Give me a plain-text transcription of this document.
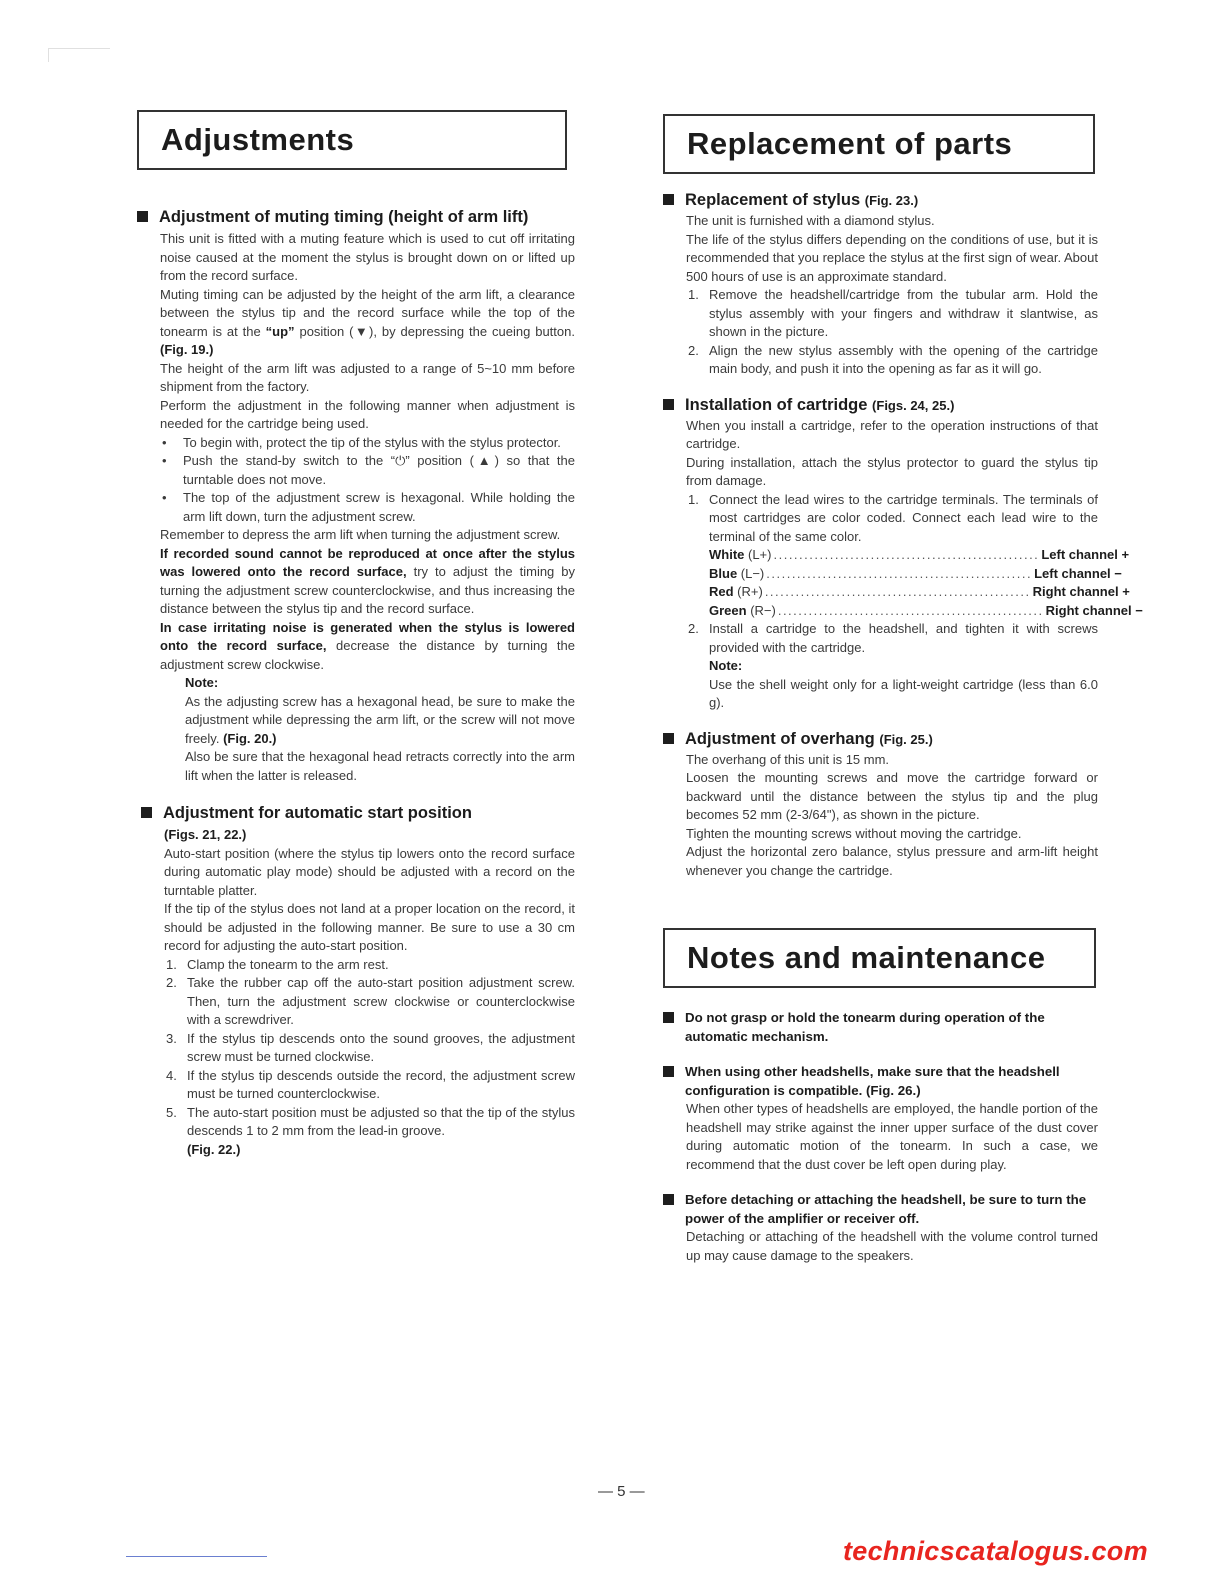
Adjustments
Adjustment of muting timing (height of arm lift)

This unit is fitted with a muting feature which is used to cut off irritating noise caused at the moment the stylus is brought down on or lifted up from the record surface.

Muting timing can be adjusted by the height of the arm lift, a clearance between the stylus tip and the record surface while the top of the tonearm is at the “up” position (▼), by depressing the cueing button. (Fig. 19.)

The height of the arm lift was adjusted to a range of 5~10 mm before shipment from the factory.

Perform the adjustment in the following manner when adjustment is needed for the cartridge being used.

• To begin with, protect the tip of the stylus with the stylus protector.
• Push the stand-by switch to the “⏻” position (▲) so that the turntable does not move.
• The top of the adjustment screw is hexagonal. While holding the arm lift down, turn the adjustment screw.

Remember to depress the arm lift when turning the adjustment screw.

If recorded sound cannot be reproduced at once after the stylus was lowered onto the record surface, try to adjust the timing by turning the adjustment screw counterclockwise, and thus increasing the distance between the stylus tip and the record surface.

In case irritating noise is generated when the stylus is lowered onto the record surface, decrease the distance by turning the adjustment screw clockwise.

Note:

As the adjusting screw has a hexagonal head, be sure to make the adjustment while depressing the arm lift, or the screw will not move freely. (Fig. 20.)

Also be sure that the hexagonal head retracts correctly into the arm lift when the latter is released.

Adjustment for automatic start position

(Figs. 21, 22.)

Auto-start position (where the stylus tip lowers onto the record surface during automatic play mode) should be adjusted with a record on the turntable platter.

If the tip of the stylus does not land at a proper location on the record, it should be adjusted in the following manner. Be sure to use a 30 cm record for adjusting the auto-start position.

1. Clamp the tonearm to the arm rest.
2. Take the rubber cap off the auto-start position adjustment screw. Then, turn the adjustment screw clockwise or counterclockwise with a screwdriver.
3. If the stylus tip descends onto the sound grooves, the adjustment screw must be turned clockwise.
4. If the stylus tip descends outside the record, the adjustment screw must be turned counterclockwise.
5. The auto-start position must be adjusted so that the tip of the stylus descends 1 to 2 mm from the lead-in groove.
(Fig. 22.)
Replacement of parts
Replacement of stylus (Fig. 23.)

The unit is furnished with a diamond stylus.

The life of the stylus differs depending on the conditions of use, but it is recommended that you replace the stylus at the first sign of wear. About 500 hours of use is an approximate standard.

1. Remove the headshell/cartridge from the tubular arm. Hold the stylus assembly with your fingers and withdraw it slantwise, as shown in the picture.
2. Align the new stylus assembly with the opening of the cartridge main body, and push it into the opening as far as it will go.
Installation of cartridge (Figs. 24, 25.)

When you install a cartridge, refer to the operation instructions of that cartridge.

During installation, attach the stylus protector to guard the stylus tip from damage.

1. Connect the lead wires to the cartridge terminals. The terminals of most cartridges are color coded. Connect each lead wire to the terminal of the same color.
White (L+) .................................................... Left channel +
Blue (L−) .................................................... Left channel −
Red (R+) .................................................... Right channel +
Green (R−) .................................................... Right channel −
2. Install a cartridge to the headshell, and tighten it with screws provided with the cartridge.
Note:
Use the shell weight only for a light-weight cartridge (less than 6.0 g).
Adjustment of overhang (Fig. 25.)

The overhang of this unit is 15 mm.

Loosen the mounting screws and move the cartridge forward or backward until the distance between the stylus tip and the plug becomes 52 mm (2-3/64"), as shown in the picture.

Tighten the mounting screws without moving the cartridge.

Adjust the horizontal zero balance, stylus pressure and arm-lift height whenever you change the cartridge.

Notes and maintenance
Do not grasp or hold the tonearm during operation of the automatic mechanism.
When using other headshells, make sure that the headshell configuration is compatible. (Fig. 26.)

When other types of headshells are employed, the handle portion of the headshell may strike against the inner upper surface of the dust cover during automatic motion of the tonearm. In such a case, we recommend that the dust cover be left open during play.

Before detaching or attaching the headshell, be sure to turn the power of the amplifier or receiver off.

Detaching or attaching of the headshell with the volume control turned up may cause damage to the speakers.

— 5 —
technicscatalogus.com
